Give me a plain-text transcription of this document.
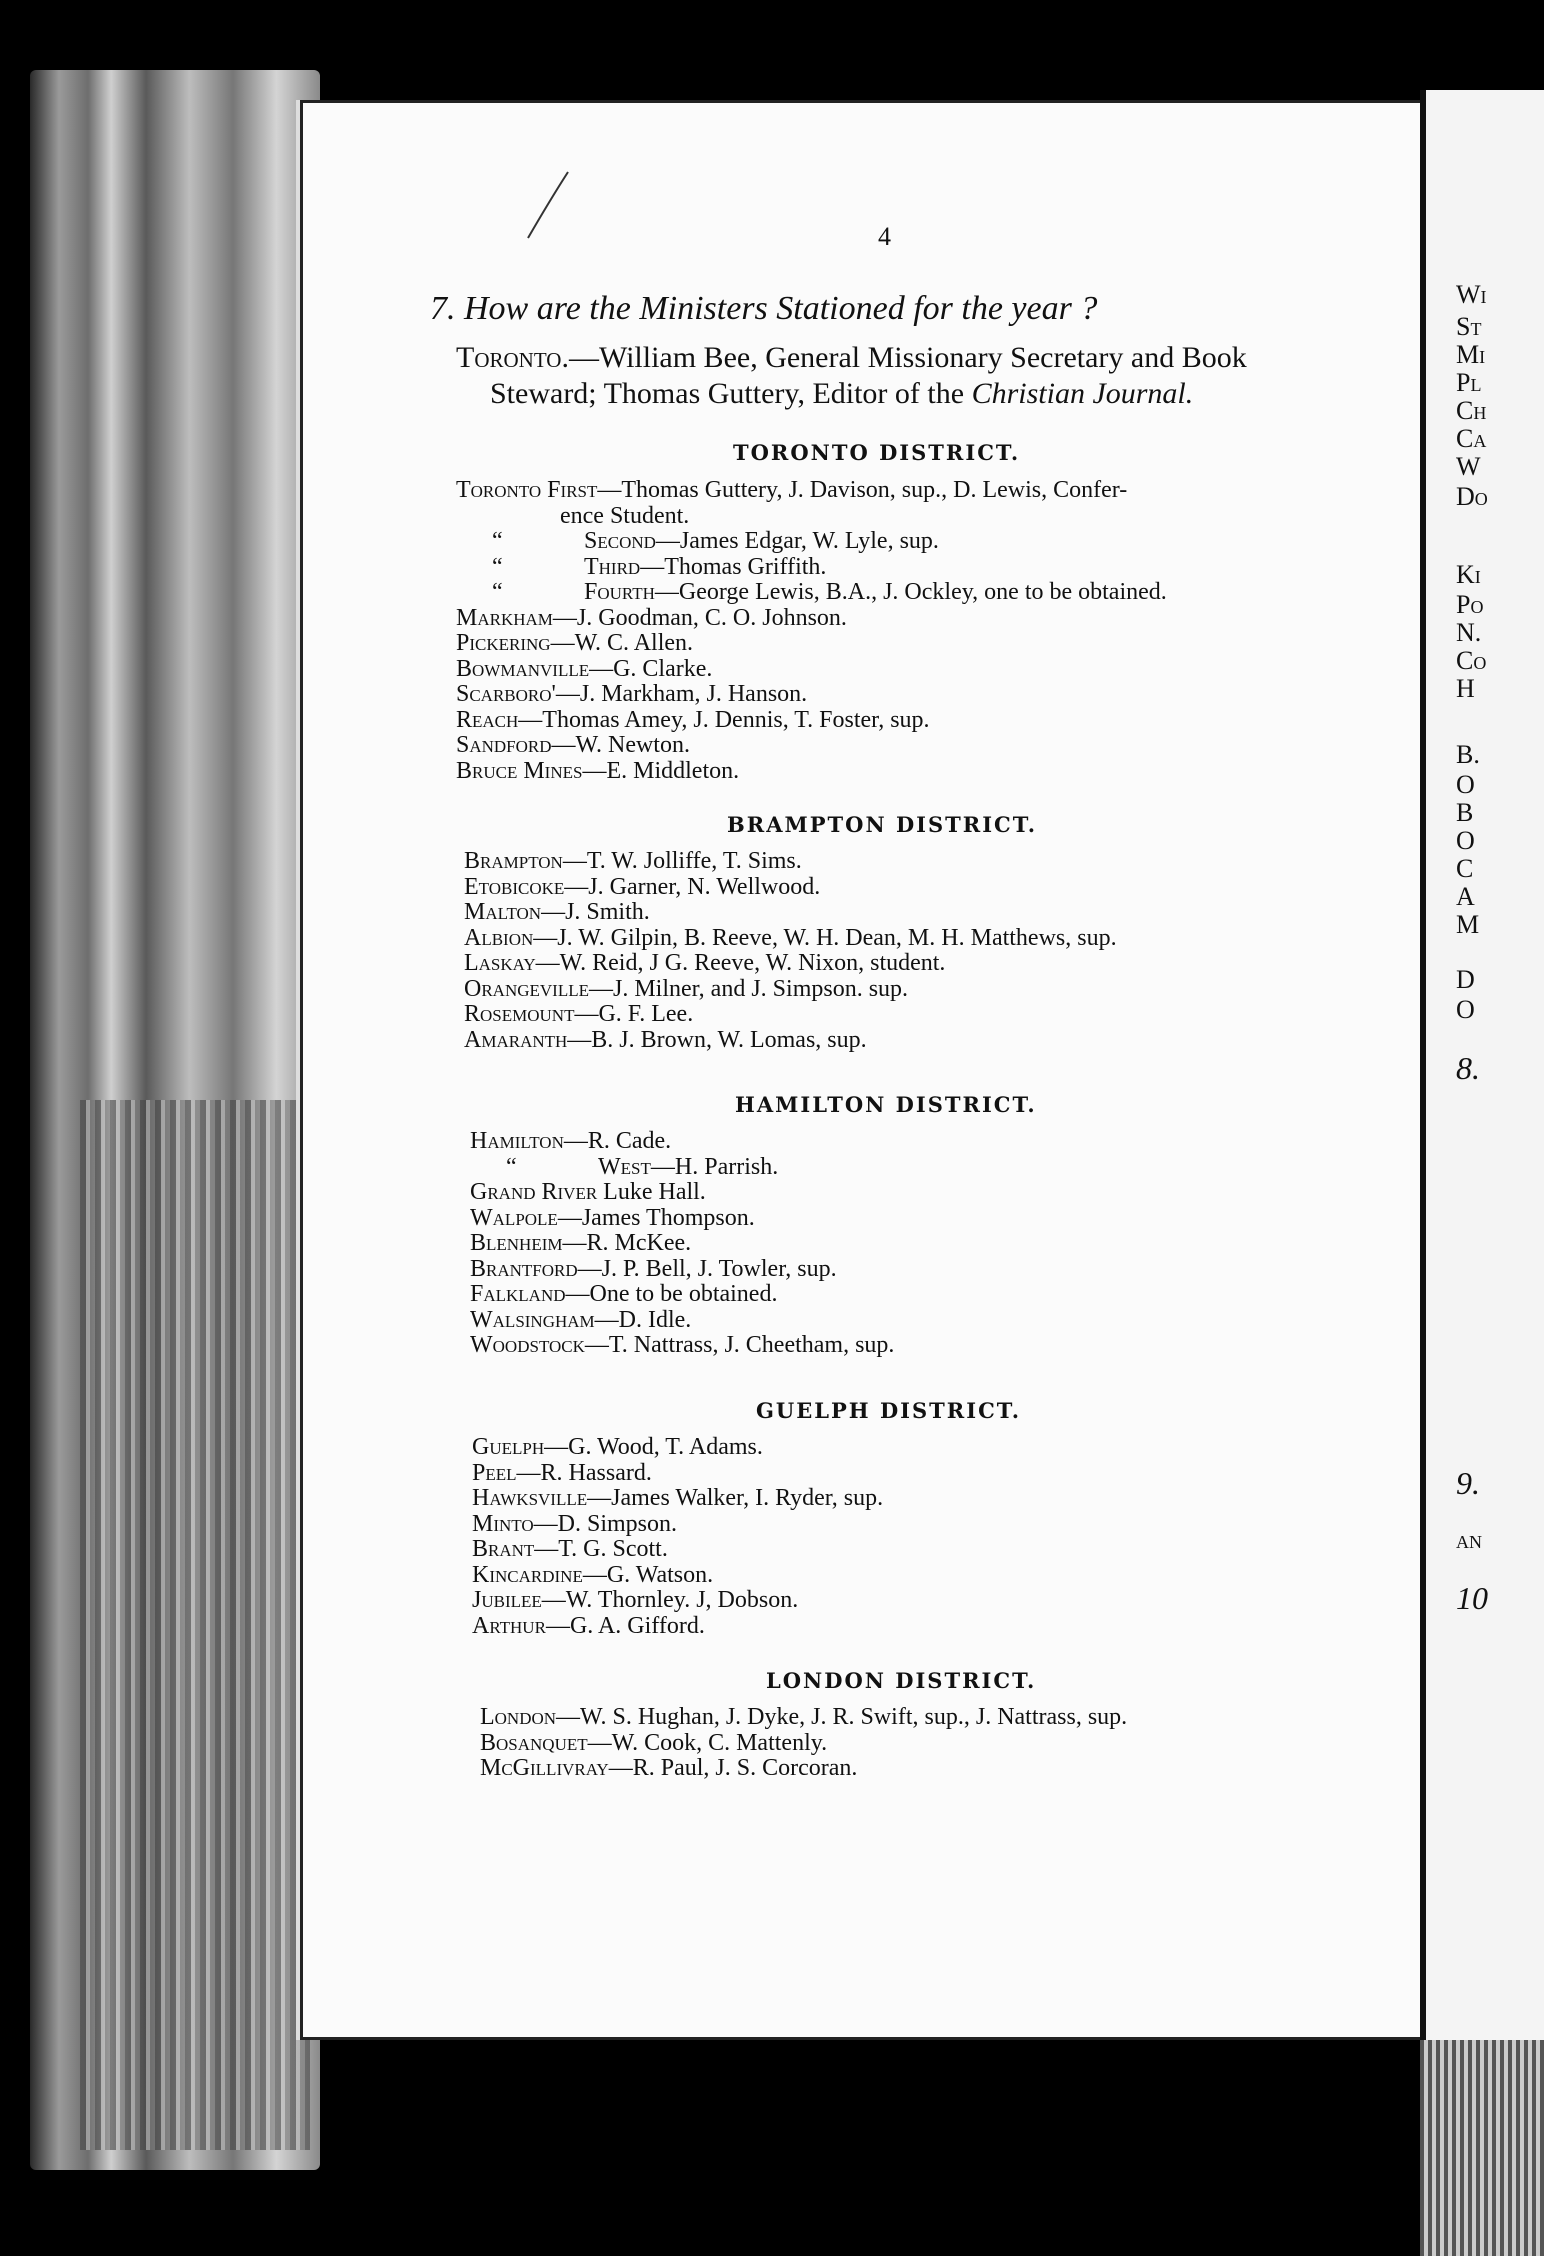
4
7. How are the Ministers Stationed for the year ?
Toronto.—William Bee, General Missionary Secretary and Book
Steward; Thomas Guttery, Editor of the Christian Journal.
TORONTO DISTRICT.
Toronto First—Thomas Guttery, J. Davison, sup., D. Lewis, Confer-
ence Student.
“	Second—James Edgar, W. Lyle, sup.
“	Third—Thomas Griffith.
“	Fourth—George Lewis, B.A., J. Ockley, one to be obtained.
Markham—J. Goodman, C. O. Johnson.
Pickering—W. C. Allen.
Bowmanville—G. Clarke.
Scarboro'—J. Markham, J. Hanson.
Reach—Thomas Amey, J. Dennis, T. Foster, sup.
Sandford—W. Newton.
Bruce Mines—E. Middleton.
BRAMPTON DISTRICT.
Brampton—T. W. Jolliffe, T. Sims.
Etobicoke—J. Garner, N. Wellwood.
Malton—J. Smith.
Albion—J. W. Gilpin, B. Reeve, W. H. Dean, M. H. Matthews, sup.
Laskay—W. Reid, J G. Reeve, W. Nixon, student.
Orangeville—J. Milner, and J. Simpson. sup.
Rosemount—G. F. Lee.
Amaranth—B. J. Brown, W. Lomas, sup.
HAMILTON DISTRICT.
Hamilton—R. Cade.
“	West—H. Parrish.
Grand River Luke Hall.
Walpole—James Thompson.
Blenheim—R. McKee.
Brantford—J. P. Bell, J. Towler, sup.
Falkland—One to be obtained.
Walsingham—D. Idle.
Woodstock—T. Nattrass, J. Cheetham, sup.
GUELPH DISTRICT.
Guelph—G. Wood, T. Adams.
Peel—R. Hassard.
Hawksville—James Walker, I. Ryder, sup.
Minto—D. Simpson.
Brant—T. G. Scott.
Kincardine—G. Watson.
Jubilee—W. Thornley. J, Dobson.
Arthur—G. A. Gifford.
LONDON DISTRICT.
London—W. S. Hughan, J. Dyke, J. R. Swift, sup., J. Nattrass, sup.
Bosanquet—W. Cook, C. Mattenly.
McGillivray—R. Paul, J. S. Corcoran.
Wi
St
Mi
Pl
Ch
Ca
W
Do
Ki
Po
N.
Co
H
B.
O
B
O
C
A
M
D
O
8.
9.
an
10
